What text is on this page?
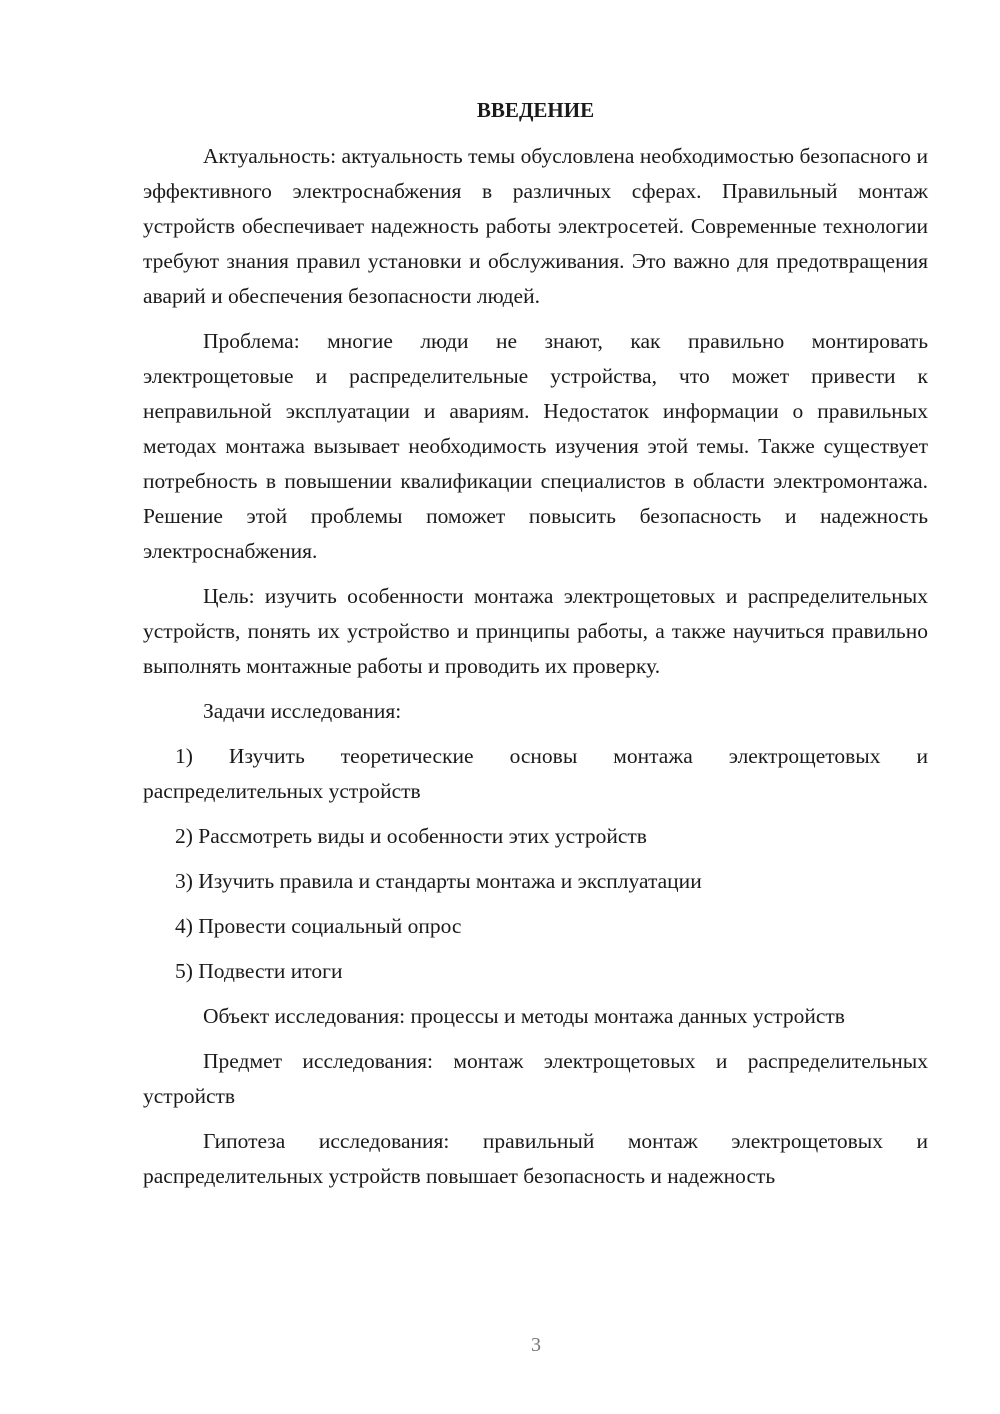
ВВЕДЕНИЕ

Актуальность: актуальность темы обусловлена необходимостью безопасного и эффективного электроснабжения в различных сферах. Правильный монтаж устройств обеспечивает надежность работы электросетей. Современные технологии требуют знания правил установки и обслуживания. Это важно для предотвращения аварий и обеспечения безопасности людей.

Проблема: многие люди не знают, как правильно монтировать электрощетовые и распределительные устройства, что может привести к неправильной эксплуатации и авариям. Недостаток информации о правильных методах монтажа вызывает необходимость изучения этой темы. Также существует потребность в повышении квалификации специалистов в области электромонтажа. Решение этой проблемы поможет повысить безопасность и надежность электроснабжения.

Цель: изучить особенности монтажа электрощетовых и распределительных устройств, понять их устройство и принципы работы, а также научиться правильно выполнять монтажные работы и проводить их проверку.

Задачи исследования:

1) Изучить теоретические основы монтажа электрощетовых и распределительных устройств

2) Рассмотреть виды и особенности этих устройств

3) Изучить правила и стандарты монтажа и эксплуатации

4) Провести социальный опрос

5) Подвести итоги

Объект исследования: процессы и методы монтажа данных устройств

Предмет исследования: монтаж электрощетовых и распределительных устройств

Гипотеза исследования: правильный монтаж электрощетовых и распределительных устройств повышает безопасность и надежность

3
